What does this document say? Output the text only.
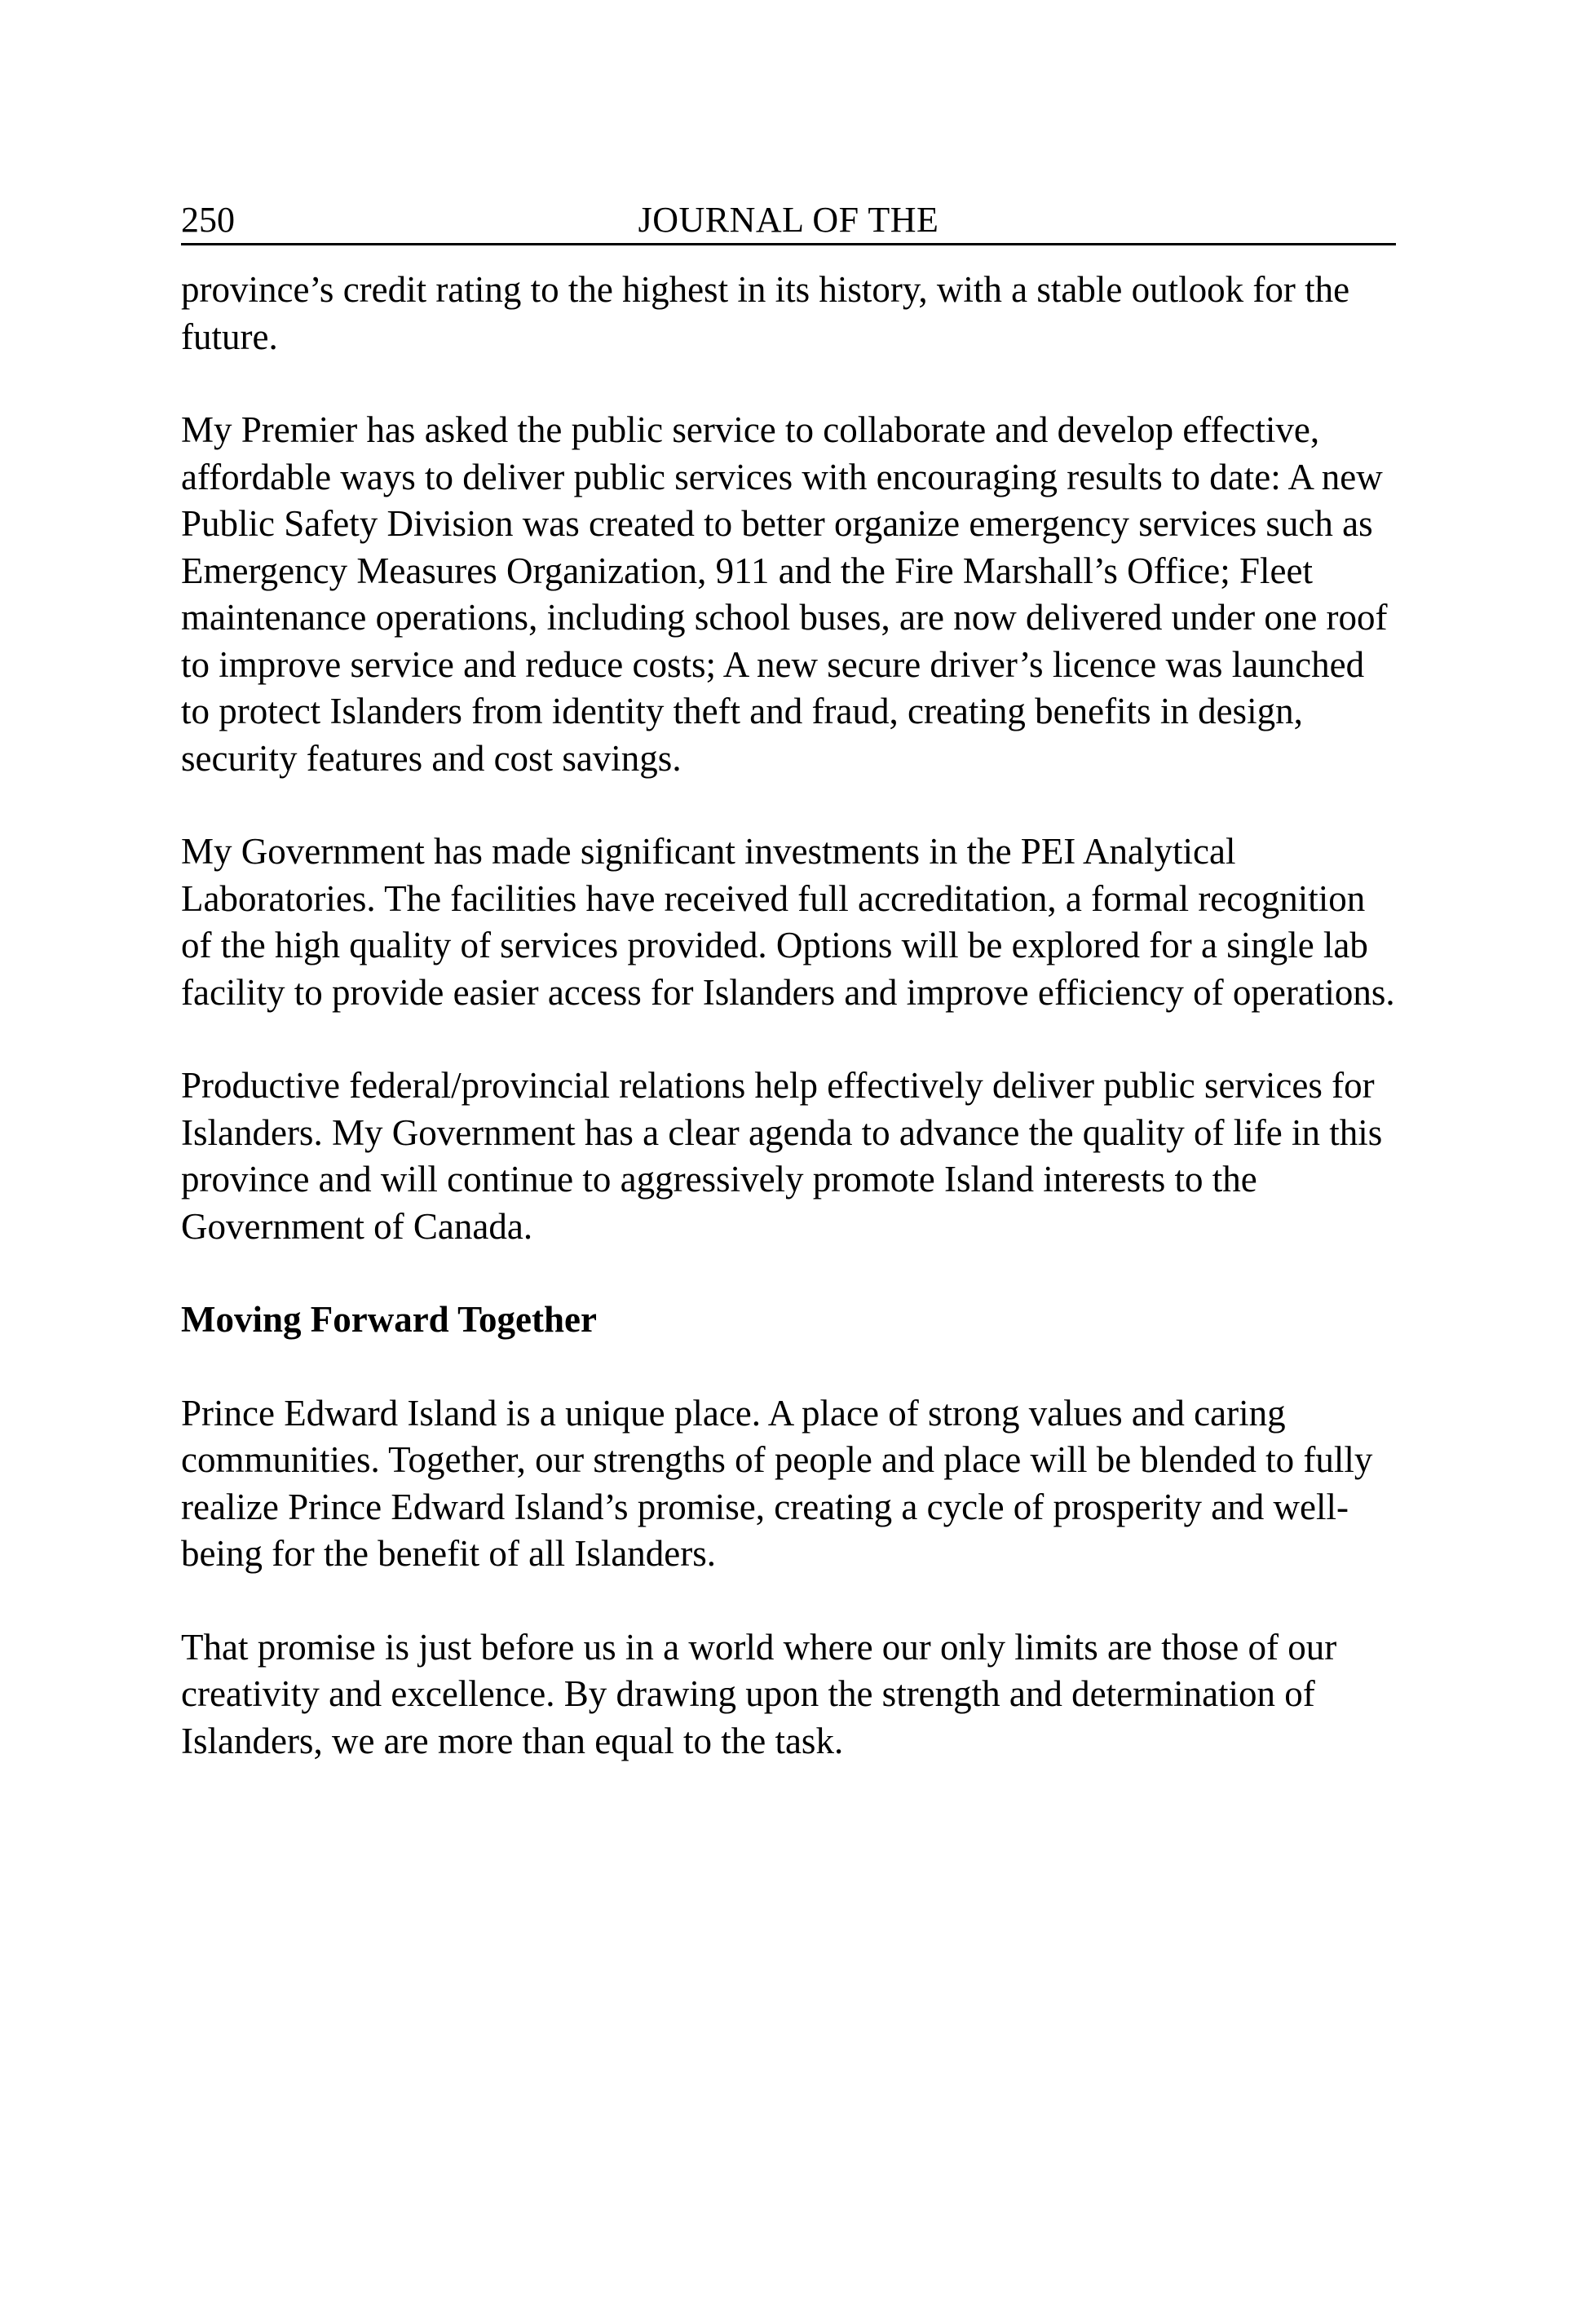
250	JOURNAL OF THE

province’s credit rating to the highest in its history, with a stable outlook for the future.

My Premier has asked the public service to collaborate and develop effective, affordable ways to deliver public services with encouraging results to date: A new Public Safety Division was created to better organize emergency services such as Emergency Measures Organization, 911 and the Fire Marshall’s Office; Fleet maintenance operations, including school buses, are now delivered under one roof to improve service and reduce costs; A new secure driver’s licence was launched to protect Islanders from identity theft and fraud, creating benefits in design, security features and cost savings.

My Government has made significant investments in the PEI Analytical Laboratories. The facilities have received full accreditation, a formal recognition of the high quality of services provided. Options will be explored for a single lab facility to provide easier access for Islanders and improve efficiency of operations.

Productive federal/provincial relations help effectively deliver public services for Islanders. My Government has a clear agenda to advance the quality of life in this province and will continue to aggressively promote Island interests to the Government of Canada.

Moving Forward Together

Prince Edward Island is a unique place. A place of strong values and caring communities. Together, our strengths of people and place will be blended to fully realize Prince Edward Island’s promise, creating a cycle of prosperity and well-being for the benefit of all Islanders.

That promise is just before us in a world where our only limits are those of our creativity and excellence. By drawing upon the strength and determination of Islanders, we are more than equal to the task.
